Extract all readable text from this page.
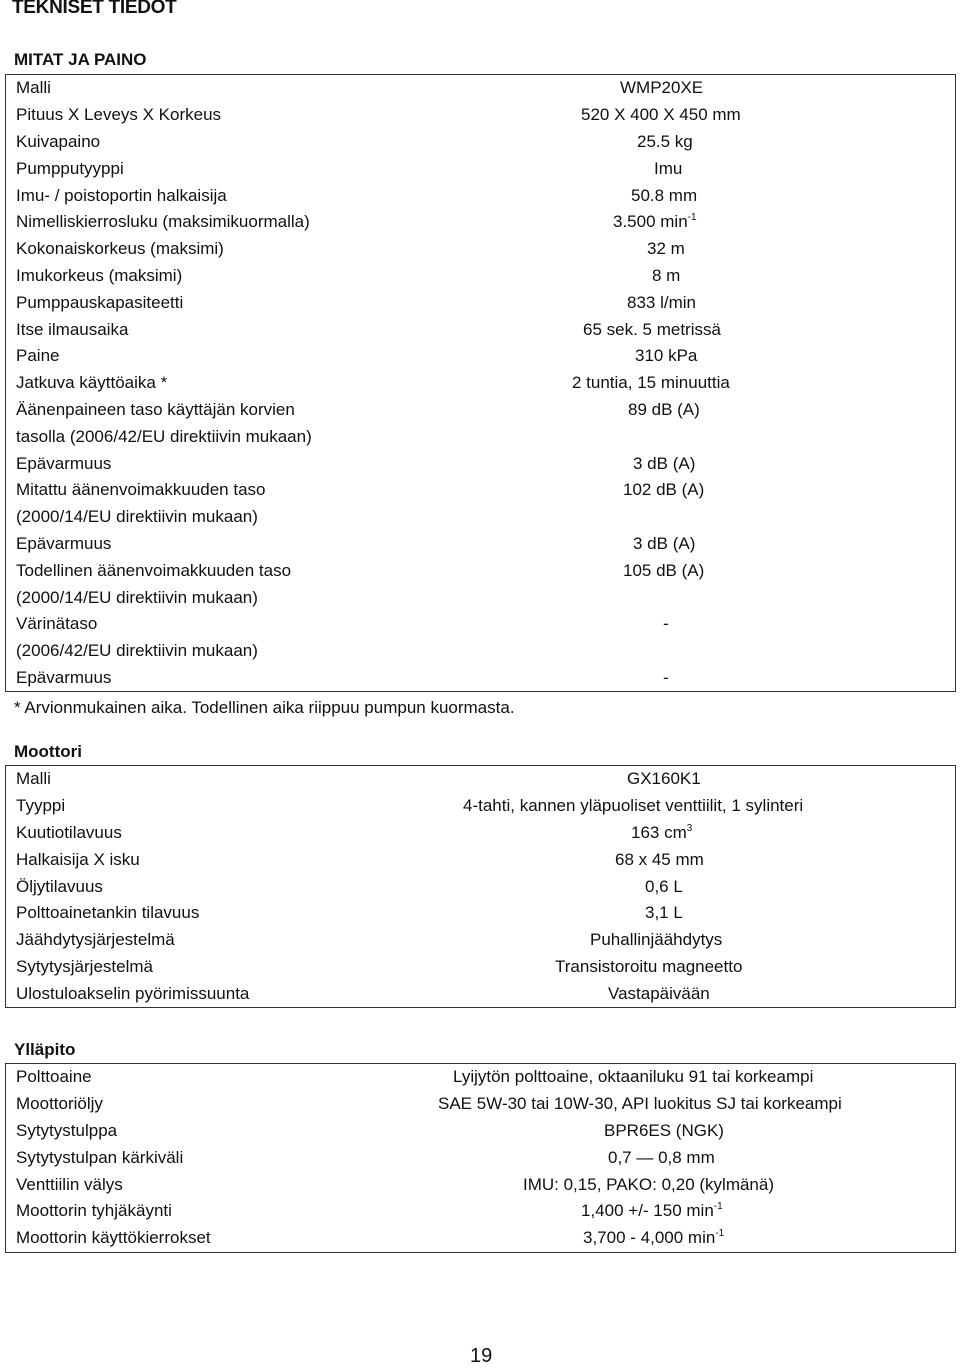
TEKNISET TIEDOT
MITAT JA PAINO
Malli	WMP20XE

Pituus X Leveys X Korkeus	520 X 400 X 450 mm

Kuivapaino	25.5 kg

Pumpputyyppi	Imu

Imu- / poistoportin halkaisija	50.8 mm

Nimelliskierrosluku (maksimikuormalla)	3.500 $\min^{-1}$

Kokonaiskorkeus (maksimi)	32 m

Imukorkeus (maksimi)	8 m

Pumppauskapasiteetti	833 l/min

Itse ilmausaika	65 sek. 5 metrissä

Paine	310 kPa

Jatkuva käyttöaika *	2 tuntia, 15 minuuttia

Äänenpaineen taso käyttäjän korvien	89 dB (A)

tasolla (2006/42/EU direktiivin mukaan)

Epävarmuus	3 dB (A)

Mitattu äänenvoimakkuuden taso	102 dB (A)

(2000/14/EU direktiivin mukaan)

Epävarmuus	3 dB (A)

Todellinen äänenvoimakkuuden taso	105 dB (A)

(2000/14/EU direktiivin mukaan)

Värinätaso	-

(2006/42/EU direktiivin mukaan)

Epävarmuus	-
* Arvionmukainen aika. Todellinen aika riippuu pumpun kuormasta.
Moottori
Malli	GX160K1

Tyyppi	4-tahti, kannen yläpuoliset venttiilit, 1 sylinteri

Kuutiotilavuus	163 $cm^3$

Halkaisija X isku	68 x 45 mm

Öljytilavuus	0,6 L

Polttoainetankin tilavuus	3,1 L

Jäähdytysjärjestelmä	Puhallinjäähdytys

Sytytysjärjestelmä	Transistoroitu magneetto

Ulostuloakselin pyörimissuunta	Vastapäivään
Ylläpito
Polttoaine	Lyijytön polttoaine, oktaaniluku 91 tai korkeampi

Moottoriöljy	SAE 5W-30 tai 10W-30, API luokitus SJ tai korkeampi

Sytytystulppa	BPR6ES (NGK)

Sytytystulpan kärkiväli	0,7 — 0,8 mm

Venttiilin välys	IMU: 0,15, PAKO: 0,20 (kylmänä)

Moottorin tyhjäkäynti	1,400 +/- 150 $\min^{-1}$

Moottorin käyttökierrokset	3,700 - 4,000 $\min^{-1}$
19
